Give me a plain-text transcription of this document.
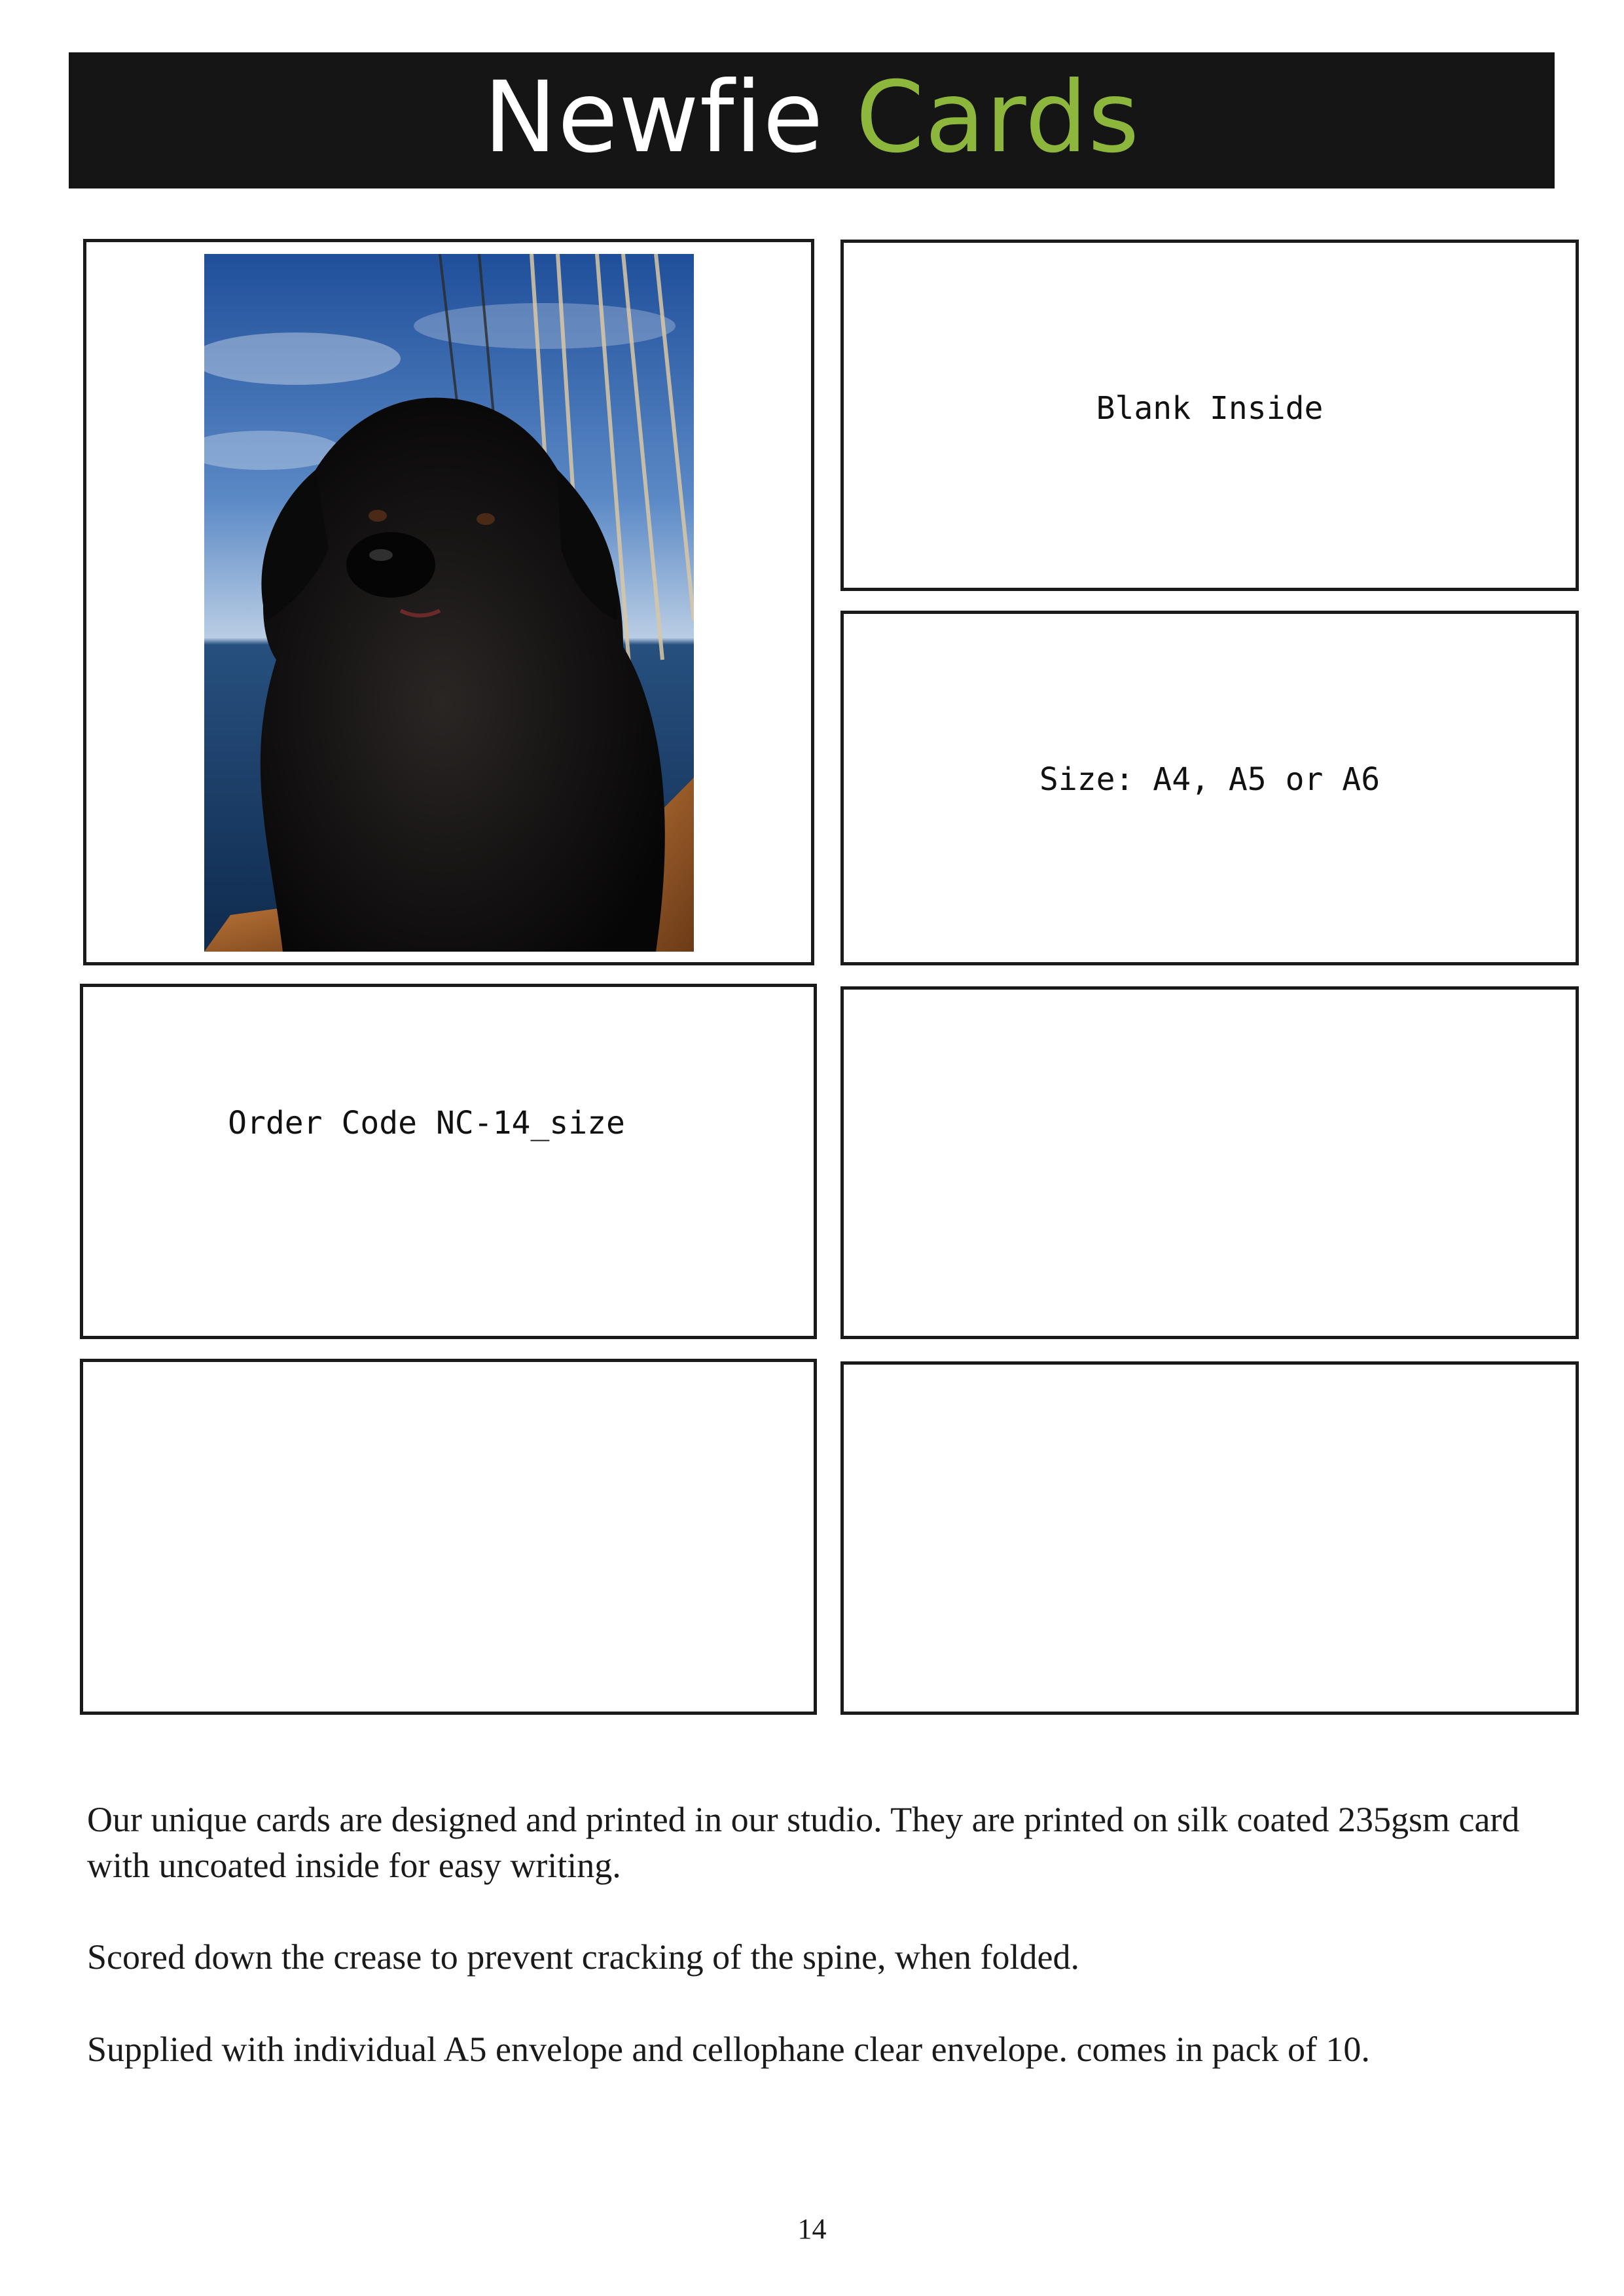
Newfie Cards
Blank Inside
Size: A4, A5 or A6
Order Code NC-14_size

Our unique cards are designed and printed in our studio. They are printed on silk coated 235gsm card with uncoated inside for easy writing.

Scored down the crease to prevent cracking of the spine, when folded.

Supplied with individual A5 envelope and cellophane clear envelope. comes in pack of 10.

14
